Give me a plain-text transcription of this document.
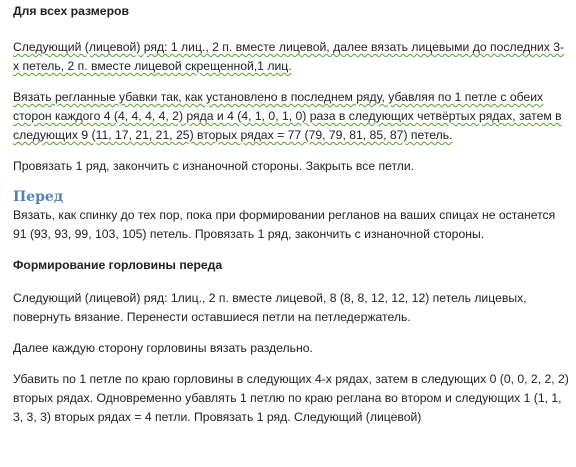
Для всех размеров

Следующий (лицевой) ряд: 1 лиц., 2 п. вместе лицевой, далее вязать лицевыми до последних 3-х петель, 2 п. вместе лицевой скрещенной,1 лиц.

Вязать регланные убавки так, как установлено в последнем ряду, убавляя по 1 петле с обеих сторон каждого 4 (4, 4, 4, 4, 2) ряда и 4 (4, 1, 0, 1, 0) раза в следующих четвёртых рядах, затем в следующих 9 (11, 17, 21, 21, 25) вторых рядах = 77 (79, 79, 81, 85, 87) петель.

Провязать 1 ряд, закончить с изнаночной стороны. Закрыть все петли.

Перед

Вязать, как спинку до тех пор, пока при формировании регланов на ваших спицах не останется 91 (93, 93, 99, 103, 105) петель. Провязать 1 ряд, закончить с изнаночной стороны.

Формирование горловины переда

Следующий (лицевой) ряд: 1лиц., 2 п. вместе лицевой, 8 (8, 8, 12, 12, 12) петель лицевых, повернуть вязание. Перенести оставшиеся петли на петледержатель.

Далее каждую сторону горловины вязать раздельно.

Убавить по 1 петле по краю горловины в следующих 4-х рядах, затем в следующих 0 (0, 0, 2, 2, 2) вторых рядах. Одновременно убавлять 1 петлю по краю реглана во втором и следующих 1 (1, 1, 3, 3, 3) вторых рядах = 4 петли. Провязать 1 ряд. Следующий (лицевой)
